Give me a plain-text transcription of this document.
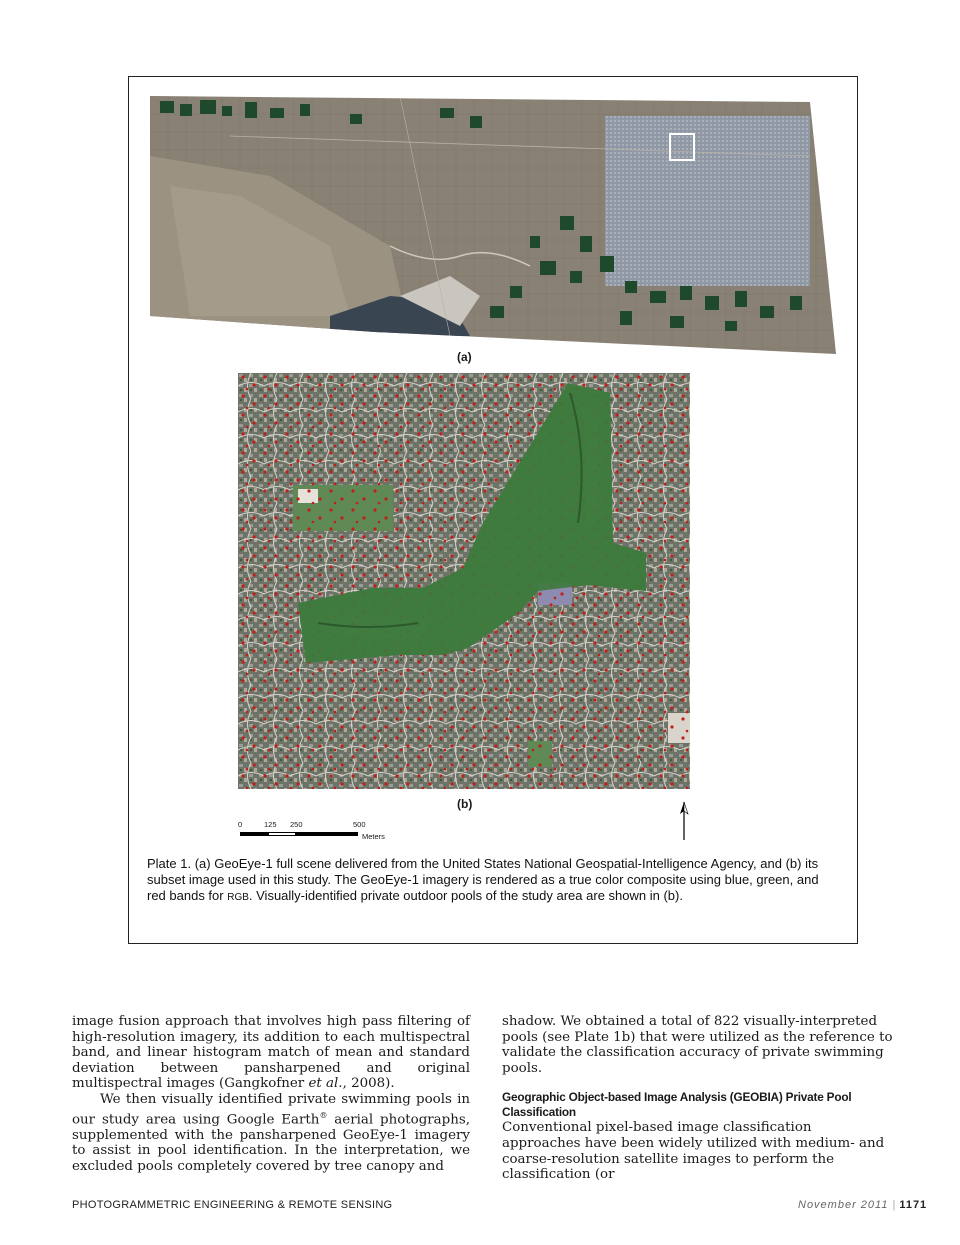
(a)
(b)
0	125 250	500
Meters
Plate 1. (a) GeoEye-1 full scene delivered from the United States National Geospatial-Intelligence Agency, and (b) its subset image used in this study. The GeoEye-1 imagery is rendered as a true color composite using blue, green, and red bands for RGB. Visually-identified private outdoor pools of the study area are shown in (b).

image fusion approach that involves high pass filtering of high-resolution imagery, its addition to each multispectral band, and linear histogram match of mean and standard deviation between pansharpened and original multispectral images (Gangkofner et al., 2008).

We then visually identified private swimming pools in our study area using Google Earth® aerial photographs, supplemented with the pansharpened GeoEye-1 imagery to assist in pool identification. In the interpretation, we excluded pools completely covered by tree canopy and

shadow. We obtained a total of 822 visually-interpreted pools (see Plate 1b) that were utilized as the reference to validate the classification accuracy of private swimming pools.

Geographic Object-based Image Analysis (GEOBIA) Private Pool Classification

Conventional pixel-based image classification approaches have been widely utilized with medium- and coarse-resolution satellite images to perform the classification (or

PHOTOGRAMMETRIC ENGINEERING & REMOTE SENSING	November 2011 | 1171
